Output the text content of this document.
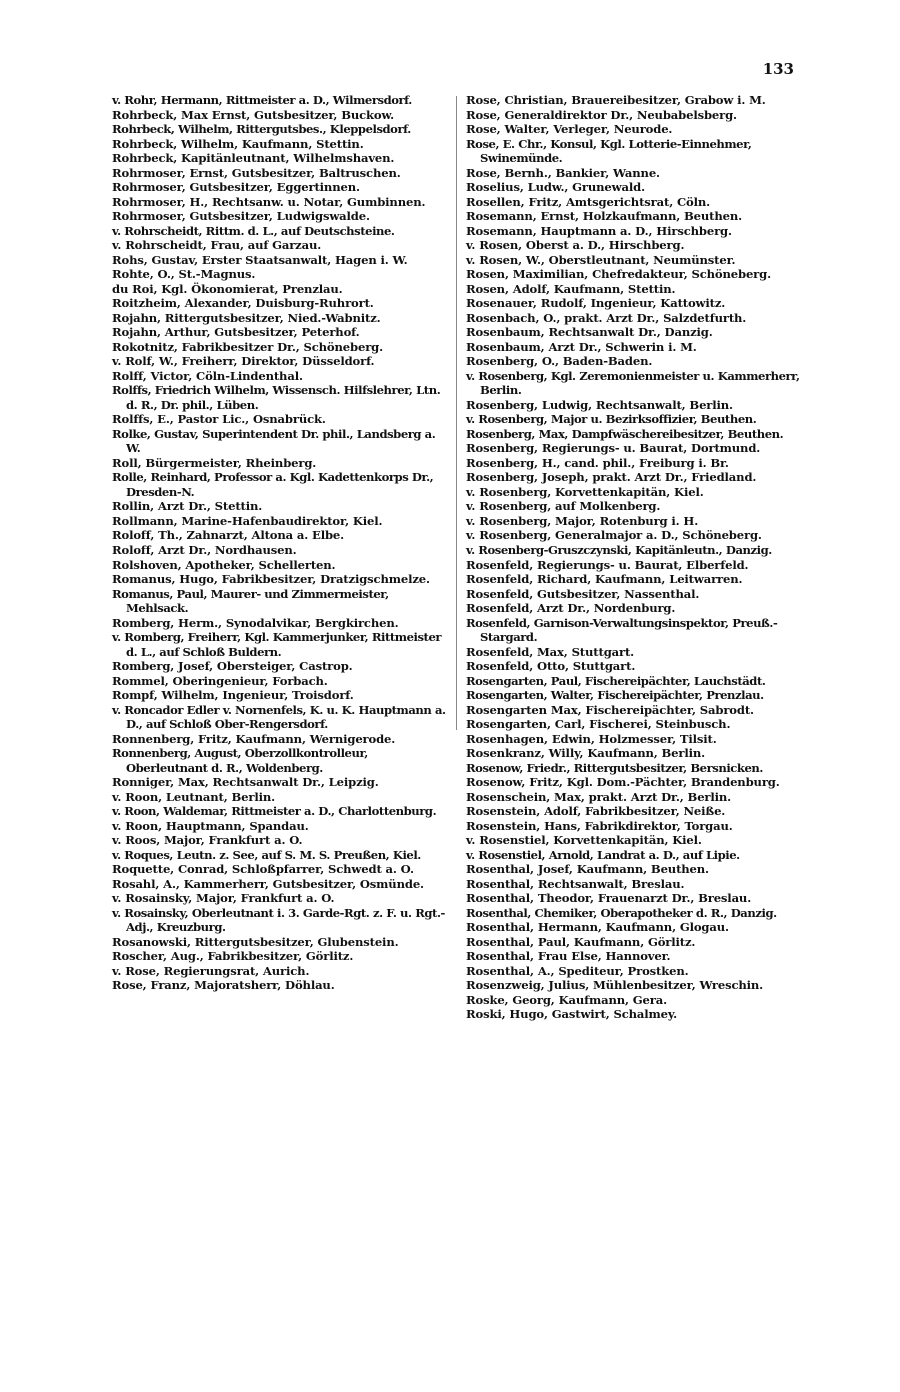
133
v. Rohr, Hermann, Rittmeister a. D., Wilmersdorf.
Rohrbeck, Max Ernst, Gutsbesitzer, Buckow.
Rohrbeck, Wilhelm, Rittergutsbes., Kleppelsdorf.
Rohrbeck, Wilhelm, Kaufmann, Stettin.
Rohrbeck, Kapitänleutnant, Wilhelmshaven.
Rohrmoser, Ernst, Gutsbesitzer, Baltruschen.
Rohrmoser, Gutsbesitzer, Eggertinnen.
Rohrmoser, H., Rechtsanw. u. Notar, Gumbinnen.
Rohrmoser, Gutsbesitzer, Ludwigswalde.
v. Rohrscheidt, Rittm. d. L., auf Deutschsteine.
v. Rohrscheidt, Frau, auf Garzau.
Rohs, Gustav, Erster Staatsanwalt, Hagen i. W.
Rohte, O., St.-Magnus.
du Roi, Kgl. Ökonomierat, Prenzlau.
Roitzheim, Alexander, Duisburg-Ruhrort.
Rojahn, Rittergutsbesitzer, Nied.-Wabnitz.
Rojahn, Arthur, Gutsbesitzer, Peterhof.
Rokotnitz, Fabrikbesitzer Dr., Schöneberg.
v. Rolf, W., Freiherr, Direktor, Düsseldorf.
Rolff, Victor, Cöln-Lindenthal.
Rolffs, Friedrich Wilhelm, Wissensch. Hilfslehrer, Ltn. d. R., Dr. phil., Lüben.
Rolffs, E., Pastor Lic., Osnabrück.
Rolke, Gustav, Superintendent Dr. phil., Landsberg a. W.
Roll, Bürgermeister, Rheinberg.
Rolle, Reinhard, Professor a. Kgl. Kadettenkorps Dr., Dresden-N.
Rollin, Arzt Dr., Stettin.
Rollmann, Marine-Hafenbaudirektor, Kiel.
Roloff, Th., Zahnarzt, Altona a. Elbe.
Roloff, Arzt Dr., Nordhausen.
Rolshoven, Apotheker, Schellerten.
Romanus, Hugo, Fabrikbesitzer, Dratzigschmelze.
Romanus, Paul, Maurer- und Zimmermeister, Mehlsack.
Romberg, Herm., Synodalvikar, Bergkirchen.
v. Romberg, Freiherr, Kgl. Kammerjunker, Rittmeister d. L., auf Schloß Buldern.
Romberg, Josef, Obersteiger, Castrop.
Rommel, Oberingenieur, Forbach.
Rompf, Wilhelm, Ingenieur, Troisdorf.
v. Roncador Edler v. Nornenfels, K. u. K. Hauptmann a. D., auf Schloß Ober-Rengersdorf.
Ronnenberg, Fritz, Kaufmann, Wernigerode.
Ronnenberg, August, Oberzollkontrolleur, Oberleutnant d. R., Woldenberg.
Ronniger, Max, Rechtsanwalt Dr., Leipzig.
v. Roon, Leutnant, Berlin.
v. Roon, Waldemar, Rittmeister a. D., Charlottenburg.
v. Roon, Hauptmann, Spandau.
v. Roos, Major, Frankfurt a. O.
v. Roques, Leutn. z. See, auf S. M. S. Preußen, Kiel.
Roquette, Conrad, Schloßpfarrer, Schwedt a. O.
Rosahl, A., Kammerherr, Gutsbesitzer, Osmünde.
v. Rosainsky, Major, Frankfurt a. O.
v. Rosainsky, Oberleutnant i. 3. Garde-Rgt. z. F. u. Rgt.-Adj., Kreuzburg.
Rosanowski, Rittergutsbesitzer, Glubenstein.
Roscher, Aug., Fabrikbesitzer, Görlitz.
v. Rose, Regierungsrat, Aurich.
Rose, Franz, Majoratsherr, Döhlau.
Rose, Christian, Brauereibesitzer, Grabow i. M.
Rose, Generaldirektor Dr., Neubabelsberg.
Rose, Walter, Verleger, Neurode.
Rose, E. Chr., Konsul, Kgl. Lotterie-Einnehmer, Swinemünde.
Rose, Bernh., Bankier, Wanne.
Roselius, Ludw., Grunewald.
Rosellen, Fritz, Amtsgerichtsrat, Cöln.
Rosemann, Ernst, Holzkaufmann, Beuthen.
Rosemann, Hauptmann a. D., Hirschberg.
v. Rosen, Oberst a. D., Hirschberg.
v. Rosen, W., Oberstleutnant, Neumünster.
Rosen, Maximilian, Chefredakteur, Schöneberg.
Rosen, Adolf, Kaufmann, Stettin.
Rosenauer, Rudolf, Ingenieur, Kattowitz.
Rosenbach, O., prakt. Arzt Dr., Salzdetfurth.
Rosenbaum, Rechtsanwalt Dr., Danzig.
Rosenbaum, Arzt Dr., Schwerin i. M.
Rosenberg, O., Baden-Baden.
v. Rosenberg, Kgl. Zeremonienmeister u. Kammerherr, Berlin.
Rosenberg, Ludwig, Rechtsanwalt, Berlin.
v. Rosenberg, Major u. Bezirksoffizier, Beuthen.
Rosenberg, Max, Dampfwäschereibesitzer, Beuthen.
Rosenberg, Regierungs- u. Baurat, Dortmund.
Rosenberg, H., cand. phil., Freiburg i. Br.
Rosenberg, Joseph, prakt. Arzt Dr., Friedland.
v. Rosenberg, Korvettenkapitän, Kiel.
v. Rosenberg, auf Molkenberg.
v. Rosenberg, Major, Rotenburg i. H.
v. Rosenberg, Generalmajor a. D., Schöneberg.
v. Rosenberg-Gruszczynski, Kapitänleutn., Danzig.
Rosenfeld, Regierungs- u. Baurat, Elberfeld.
Rosenfeld, Richard, Kaufmann, Leitwarren.
Rosenfeld, Gutsbesitzer, Nassenthal.
Rosenfeld, Arzt Dr., Nordenburg.
Rosenfeld, Garnison-Verwaltungsinspektor, Preuß.-Stargard.
Rosenfeld, Max, Stuttgart.
Rosenfeld, Otto, Stuttgart.
Rosengarten, Paul, Fischereipächter, Lauchstädt.
Rosengarten, Walter, Fischereipächter, Prenzlau.
Rosengarten Max, Fischereipächter, Sabrodt.
Rosengarten, Carl, Fischerei, Steinbusch.
Rosenhagen, Edwin, Holzmesser, Tilsit.
Rosenkranz, Willy, Kaufmann, Berlin.
Rosenow, Friedr., Rittergutsbesitzer, Bersnicken.
Rosenow, Fritz, Kgl. Dom.-Pächter, Brandenburg.
Rosenschein, Max, prakt. Arzt Dr., Berlin.
Rosenstein, Adolf, Fabrikbesitzer, Neiße.
Rosenstein, Hans, Fabrikdirektor, Torgau.
v. Rosenstiel, Korvettenkapitän, Kiel.
v. Rosenstiel, Arnold, Landrat a. D., auf Lipie.
Rosenthal, Josef, Kaufmann, Beuthen.
Rosenthal, Rechtsanwalt, Breslau.
Rosenthal, Theodor, Frauenarzt Dr., Breslau.
Rosenthal, Chemiker, Oberapotheker d. R., Danzig.
Rosenthal, Hermann, Kaufmann, Glogau.
Rosenthal, Paul, Kaufmann, Görlitz.
Rosenthal, Frau Else, Hannover.
Rosenthal, A., Spediteur, Prostken.
Rosenzweig, Julius, Mühlenbesitzer, Wreschin.
Roske, Georg, Kaufmann, Gera.
Roski, Hugo, Gastwirt, Schalmey.
